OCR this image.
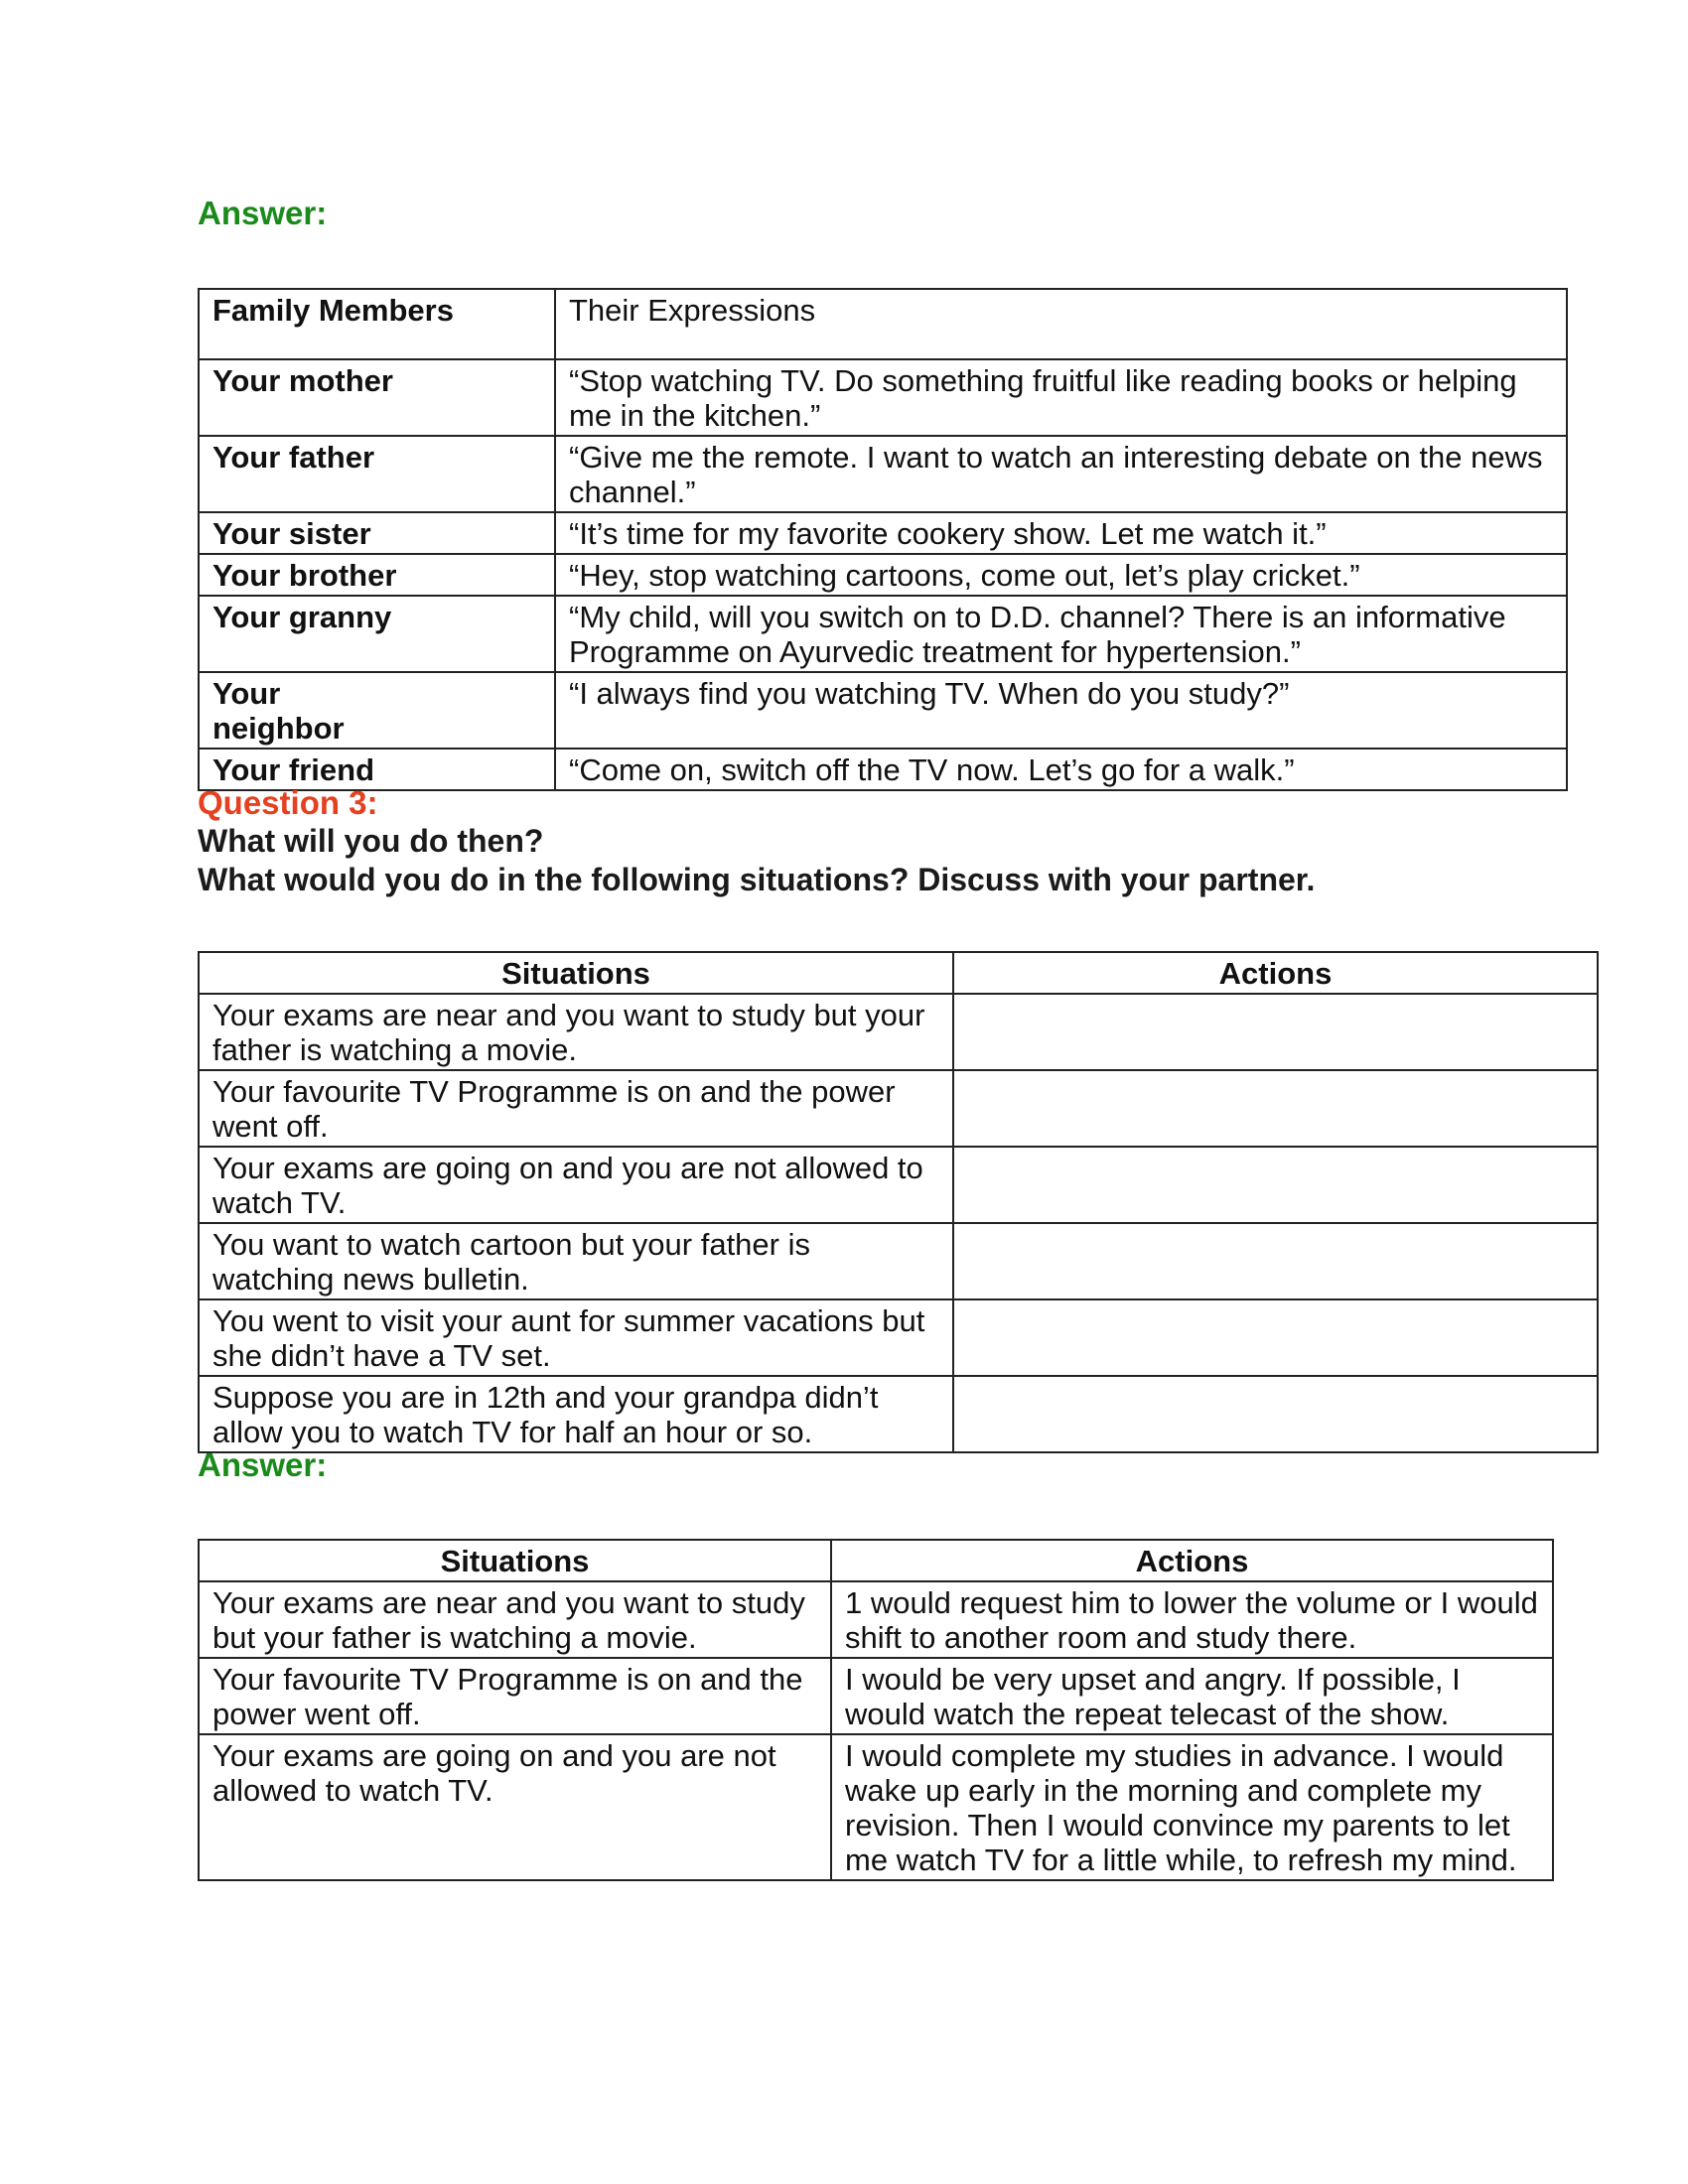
Answer:
Family Members	Their Expressions
Your mother	“Stop watching TV. Do something fruitful like reading books or helping me in the kitchen.”
Your father	“Give me the remote. I want to watch an interesting debate on the news channel.”
Your sister	“It’s time for my favorite cookery show. Let me watch it.”
Your brother	“Hey, stop watching cartoons, come out, let’s play cricket.”
Your granny	“My child, will you switch on to D.D. channel? There is an informative Programme on Ayurvedic treatment for hypertension.”
Your neighbor	“I always find you watching TV. When do you study?”
Your friend	“Come on, switch off the TV now. Let’s go for a walk.”
Question 3:
What will you do then?
What would you do in the following situations? Discuss with your partner.
Situations	Actions
Your exams are near and you want to study but your father is watching a movie.	
Your favourite TV Programme is on and the power went off.	
Your exams are going on and you are not allowed to watch TV.	
You want to watch cartoon but your father is watching news bulletin.	
You went to visit your aunt for summer vacations but she didn’t have a TV set.	
Suppose you are in 12th and your grandpa didn’t allow you to watch TV for half an hour or so.	
Answer:
Situations	Actions
Your exams are near and you want to study but your father is watching a movie.	1 would request him to lower the volume or I would shift to another room and study there.
Your favourite TV Programme is on and the power went off.	I would be very upset and angry. If possible, I would watch the repeat telecast of the show.
Your exams are going on and you are not allowed to watch TV.	I would complete my studies in advance. I would wake up early in the morning and complete my revision. Then I would convince my parents to let me watch TV for a little while, to refresh my mind.
